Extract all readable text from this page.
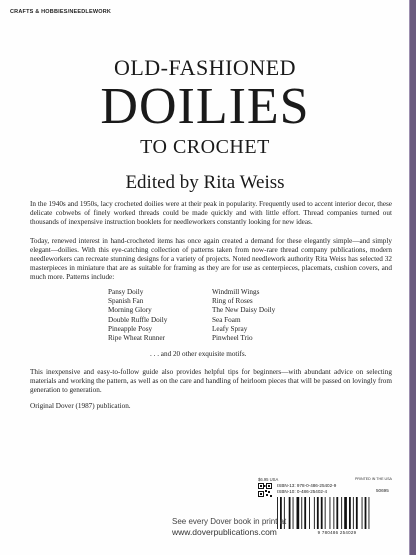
CRAFTS & HOBBIES/NEEDLEWORK
OLD-FASHIONED
DOILIES
TO CROCHET
Edited by Rita Weiss

In the 1940s and 1950s, lacy crocheted doilies were at their peak in popularity. Frequently used to accent interior decor, these delicate cobwebs of finely worked threads could be made quickly and with little effort. Thread companies turned out thousands of inexpensive instruction booklets for needleworkers constantly looking for new ideas.

Today, renewed interest in hand-crocheted items has once again created a demand for these elegantly simple—and simply elegant—doilies. With this eye-catching collection of patterns taken from now-rare thread company publications, modern needleworkers can recreate stunning designs for a variety of projects. Noted needlework authority Rita Weiss has selected 32 masterpieces in miniature that are as suitable for framing as they are for use as centerpieces, placemats, cushion covers, and much more. Patterns include:

Pansy Doily
Spanish Fan
Morning Glory
Double Ruffle Doily
Pineapple Posy
Ripe Wheat Runner
Windmill Wings
Ring of Roses
The New Daisy Doily
Sea Foam
Leafy Spray
Pinwheel Trio
. . . and 20 other exquisite motifs.
This inexpensive and easy-to-follow guide also provides helpful tips for beginners—with abundant advice on selecting materials and working the pattern, as well as on the care and handling of heirloom pieces that will be passed on lovingly from generation to generation.
Original Dover (1987) publication.
$6.95 USA	PRINTED IN THE USA
ISBN-13: 978-0-486-25402-9
ISBN-10: 0-486-25402-4	50695
9 780486 254029
See every Dover book in print at
www.doverpublications.com
